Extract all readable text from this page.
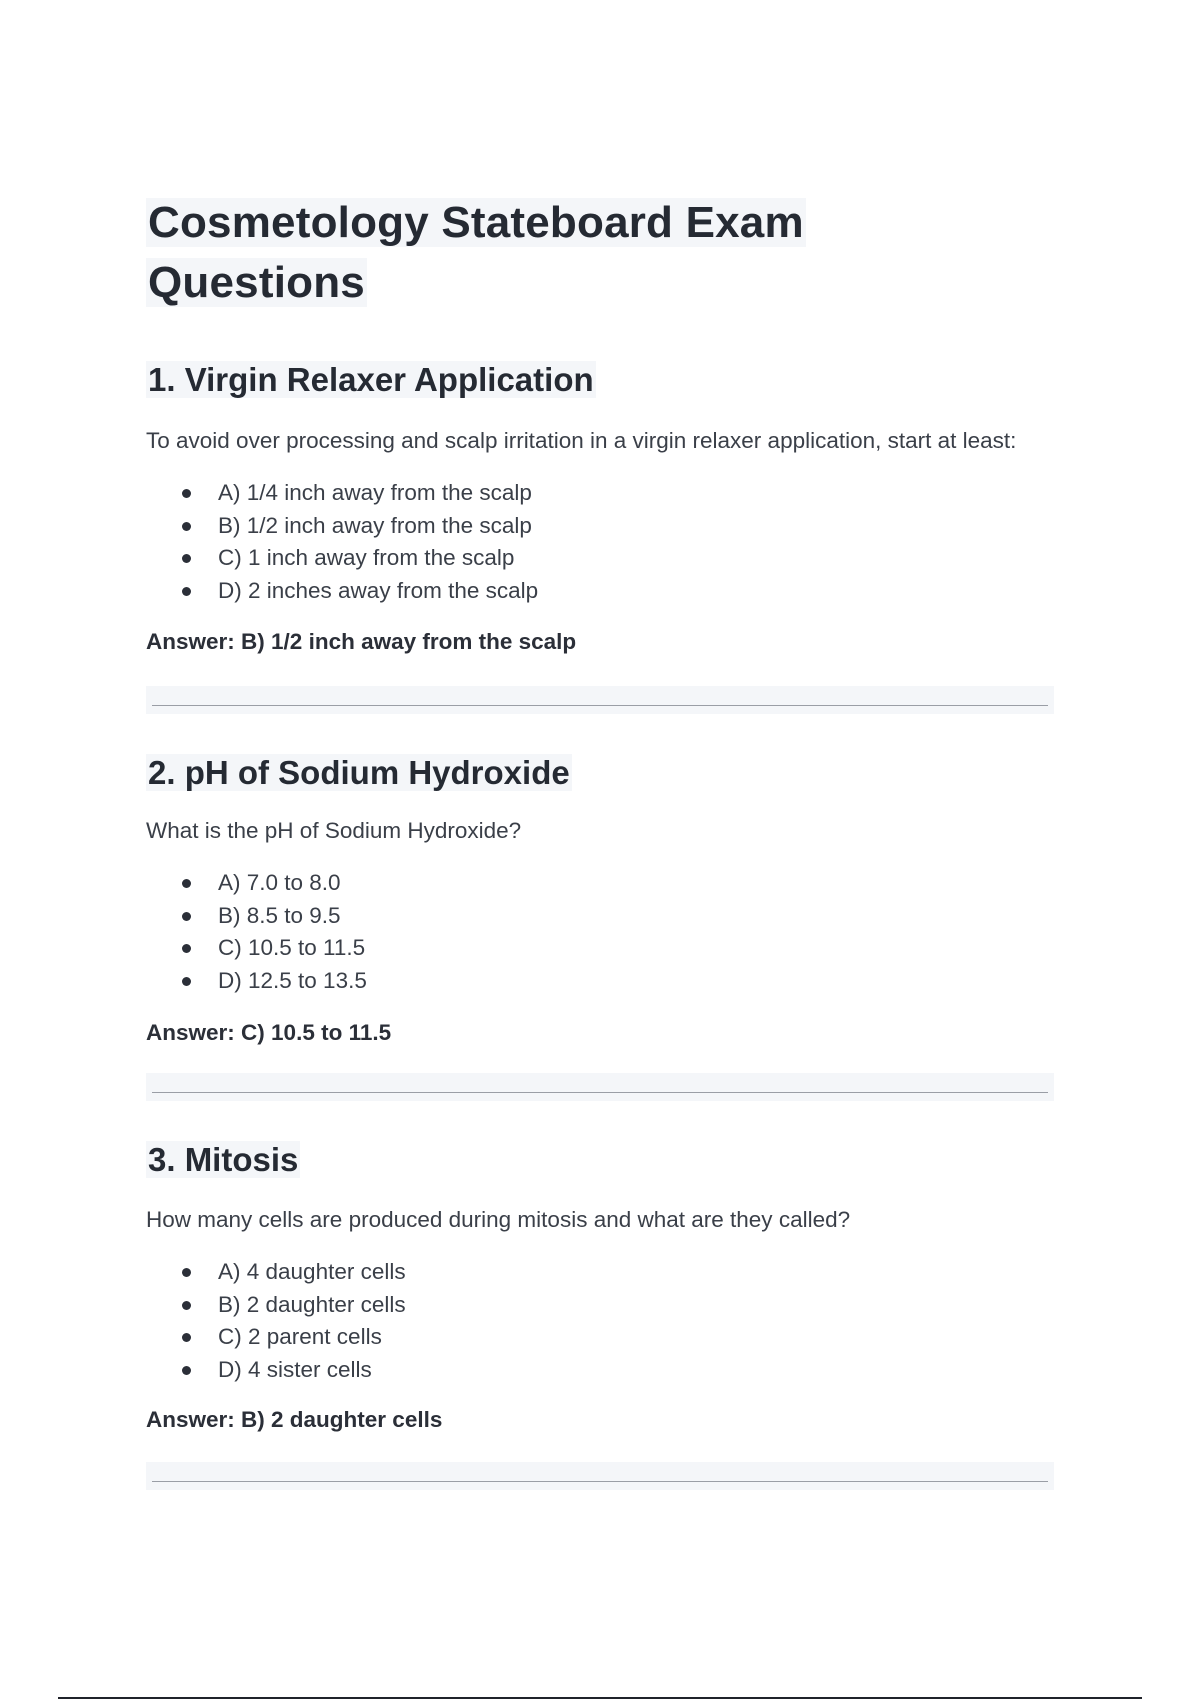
Cosmetology Stateboard Exam
Questions
1. Virgin Relaxer Application

To avoid over processing and scalp irritation in a virgin relaxer application, start at least:

A) 1/4 inch away from the scalp
B) 1/2 inch away from the scalp
C) 1 inch away from the scalp
D) 2 inches away from the scalp

Answer: B) 1/2 inch away from the scalp

2. pH of Sodium Hydroxide

What is the pH of Sodium Hydroxide?

A) 7.0 to 8.0
B) 8.5 to 9.5
C) 10.5 to 11.5
D) 12.5 to 13.5

Answer: C) 10.5 to 11.5

3. Mitosis

How many cells are produced during mitosis and what are they called?

A) 4 daughter cells
B) 2 daughter cells
C) 2 parent cells
D) 4 sister cells

Answer: B) 2 daughter cells
